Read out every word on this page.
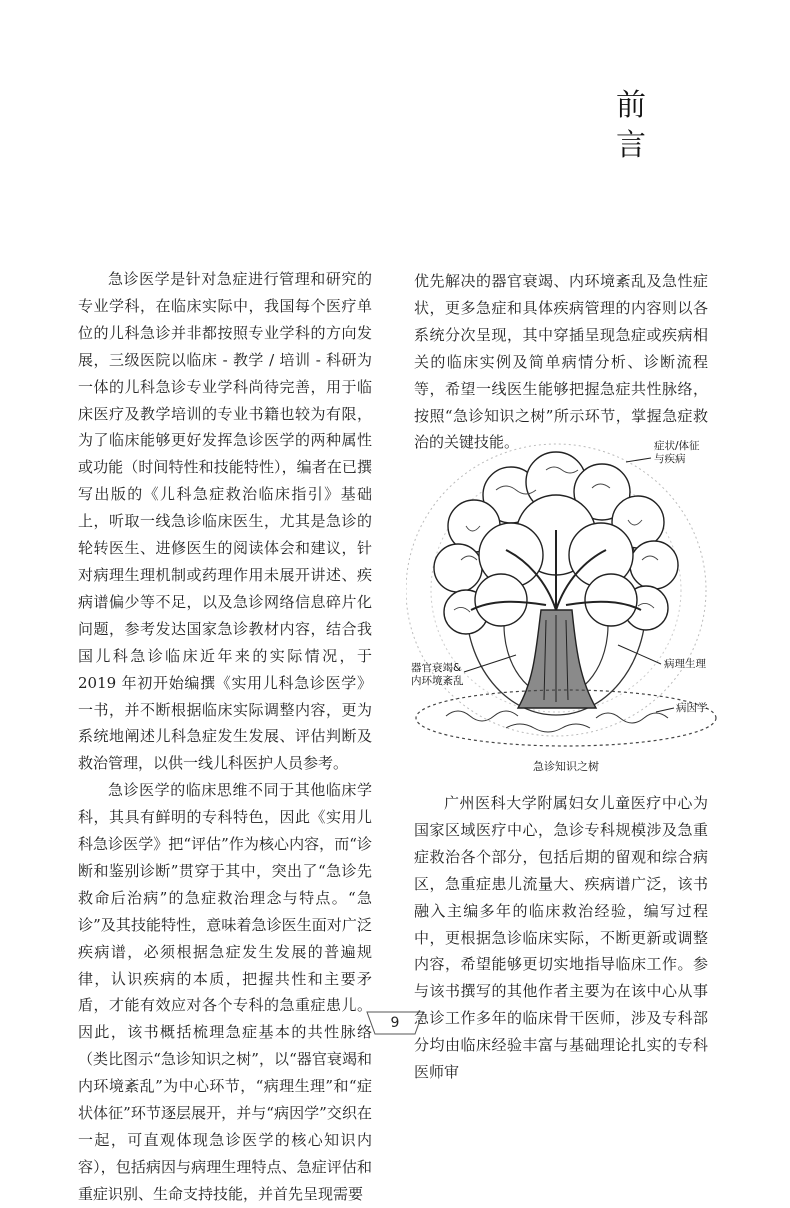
前　言

急诊医学是针对急症进行管理和研究的专业学科，在临床实际中，我国每个医疗单位的儿科急诊并非都按照专业学科的方向发展，三级医院以临床 - 教学 / 培训 - 科研为一体的儿科急诊专业学科尚待完善，用于临床医疗及教学培训的专业书籍也较为有限，为了临床能够更好发挥急诊医学的两种属性或功能（时间特性和技能特性），编者在已撰写出版的《儿科急症救治临床指引》基础上，听取一线急诊临床医生，尤其是急诊的轮转医生、进修医生的阅读体会和建议，针对病理生理机制或药理作用未展开讲述、疾病谱偏少等不足，以及急诊网络信息碎片化问题，参考发达国家急诊教材内容，结合我国儿科急诊临床近年来的实际情况，于 2019 年初开始编撰《实用儿科急诊医学》一书，并不断根据临床实际调整内容，更为系统地阐述儿科急症发生发展、评估判断及救治管理，以供一线儿科医护人员参考。

急诊医学的临床思维不同于其他临床学科，其具有鲜明的专科特色，因此《实用儿科急诊医学》把“评估”作为核心内容，而“诊断和鉴别诊断”贯穿于其中，突出了“急诊先救命后治病”的急症救治理念与特点。“急诊”及其技能特性，意味着急诊医生面对广泛疾病谱，必须根据急症发生发展的普遍规律，认识疾病的本质，把握共性和主要矛盾，才能有效应对各个专科的急重症患儿。因此，该书概括梳理急症基本的共性脉络（类比图示“急诊知识之树”，以“器官衰竭和内环境紊乱”为中心环节，“病理生理”和“症状体征”环节逐层展开，并与“病因学”交织在一起，可直观体现急诊医学的核心知识内容），包括病因与病理生理特点、急症评估和重症识别、生命支持技能，并首先呈现需要

优先解决的器官衰竭、内环境紊乱及急性症状，更多急症和具体疾病管理的内容则以各系统分次呈现，其中穿插呈现急症或疾病相关的临床实例及简单病情分析、诊断流程等，希望一线医生能够把握急症共性脉络，按照“急诊知识之树”所示环节，掌握急症救治的关键技能。	症状/体征
与疾病
器官衰竭&
内环境紊乱
病理生理
病因学
急诊知识之树

广州医科大学附属妇女儿童医疗中心为国家区域医疗中心，急诊专科规模涉及急重症救治各个部分，包括后期的留观和综合病区，急重症患儿流量大、疾病谱广泛，该书融入主编多年的临床救治经验，编写过程中，更根据急诊临床实际，不断更新或调整内容，希望能够更切实地指导临床工作。参与该书撰写的其他作者主要为在该中心从事急诊工作多年的临床骨干医师，涉及专科部分均由临床经验丰富与基础理论扎实的专科医师审

9
